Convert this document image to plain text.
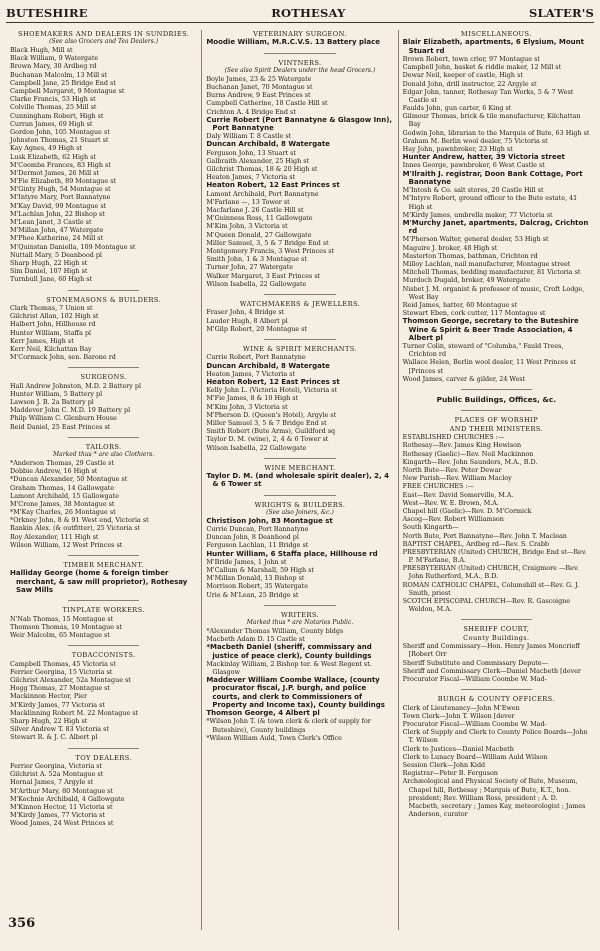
BUTESHIRE	ROTHESAY	SLATER'S
SHOEMAKERS AND DEALERS IN SUNDRIES.
(See also Grocers and Tea Dealers.)
Black Hugh, Mill st
Black William, 9 Watergate
Brown Mary, 30 Ardbeg rd
Buchanan Malcolm, 13 Mill st
Campbell Jane, 25 Bridge End st
Campbell Margaret, 9 Montague st
Clarke Francis, 53 High st
Colville Thomas, 25 Mill st
Cunningham Robert, High st
Curran James, 69 High st
Gordon John, 105 Montague st
Johnston Thomas, 21 Stuart st
Kay Agnes, 49 High st
Lusk Elizabeth, 62 High st
M'Coomba Frances, 83 High st
M'Dermot James, 26 Mill st
M'Fie Elizabeth, 89 Montague st
M'Ginty Hugh, 54 Montague st
M'Intyre Mary, Port Bannatyne
M'Kay David, 99 Montague st
M'Lachlan John, 22 Bishop st
M'Lean Janet, 3 Castle st
M'Millan John, 47 Watergate
M'Phee Katherine, 24 Mill st
M'Quinstan Daniella, 109 Montague st
Nuttall Mary, 5 Deanbood pl
Sharp Hugh, 22 High st
Sim Daniel, 107 High st
Turnbull Jane, 60 High st
STONEMASONS & BUILDERS.
Clark Thomas, 7 Union st
Gilchrist Allan, 102 High st
Halbert John, Hillhouse rd
Hunter William, Staffa pl
Kerr James, High st
Kerr Neil, Kilchattan Bay
M'Cormack John, sen. Barone rd
SURGEONS.
Hall Andrew Johnston, M.D. 2 Battery pl
Hunter William, 5 Battery pl
Lawson J. B. 2a Battery pl
Maddever John C. M.D. 19 Battery pl
Philp William C. Glenburn House
Reid Daniel, 25 East Princes st
TAILORS.
Marked thus * are also Clothiers.
*Anderson Thomas, 29 Castle st
Dobbie Andrew, 16 High st
*Duncan Alexander, 50 Montague st
Graham Thomas, 14 Gallowgate
Lamont Archibald, 15 Gallowgate
M'Crone James, 38 Montague st
*M'Kay Charles, 26 Montague st
*Orkney John, 8 & 91 West end, Victoria st
Rankin Alex. (& outfitter), 25 Victoria st
Roy Alexander, 111 High st
Wilson William, 12 West Princes st
TIMBER MERCHANT.
Halliday George (home & foreign timber merchant, & saw mill proprietor), Rothesay Saw Mills
TINPLATE WORKERS.
N'Nab Thomas, 15 Montague st
Thomson Thomas, 19 Montague st
Weir Malcolm, 65 Montague st
TOBACCONISTS.
Campbell Thomas, 45 Victoria st
Ferrier Georgina, 15 Victoria st
Gilchrist Alexander, 52a Montague st
Hogg Thomas, 27 Montague st
Mackinnon Hector, Pier
M'Kirdy James, 77 Victoria st
Macklinning Robert M. 22 Montague st
Sharp Hugh, 22 High st
Silver Andrew T. 83 Victoria st
Stewart R. & J. C. Albert pl
TOY DEALERS.
Ferrier Georgina, Victoria st
Gilchrist A. 52a Montague st
Hornal James, 7 Argyle st
M'Arthur Mary, 80 Montague st
M'Kechnie Archibald, 4 Gallowgate
M'Kinnon Hector, 11 Victoria st
M'Kirdy James, 77 Victoria st
Wood James, 24 West Princes st
VETERINARY SURGEON.
Moodie William, M.R.C.V.S. 13 Battery place
VINTNERS.
(See also Spirit Dealers under the head Grocers.)
Boyle James, 23 & 25 Watergate
Buchanan Janet, 70 Montague st
Burns Andrew, 9 East Princes st
Campbell Catherine, 18 Castle Hill st
Crichton A. 4 Bridge End st
Currie Robert (Port Bannatyne & Glasgow Inn), Port Bannatyne
Daly William T. 8 Castle st
Duncan Archibald, 8 Watergate
Ferguson John, 13 Stuart st
Galbraith Alexander, 25 High st
Gilchrist Thomas, 18 & 20 High st
Heaton James, 7 Victoria st
Heaton Robert, 12 East Princes st
Lamont Archibald, Port Bannatyne
M'Farlane —, 13 Tower st
Macfarlane J. 26 Castle Hill st
M'Guinness Ross, 11 Gallowgate
M'Kim John, 3 Victoria st
M'Queen Donald, 27 Gallowgate
Miller Samuel, 3, 5 & 7 Bridge End st
Montgomery Francis, 3 West Princes st
Smith John, 1 & 3 Montague st
Turner John, 27 Watergate
Walker Margaret, 3 East Princes st
Wilson Isabella, 22 Gallowgate
WATCHMAKERS & JEWELLERS.
Fraser John, 4 Bridge st
Lauder Hugh, 8 Albert pl
M'Gilp Robert, 20 Montague st
WINE & SPIRIT MERCHANTS.
Currie Robert, Port Bannatyne
Duncan Archibald, 8 Watergate
Heaton James, 7 Victoria st
Heaton Robert, 12 East Princes st
Kelly John L. (Victoria Hotel), Victoria st
M'Fie James, 8 & 10 High st
M'Kim John, 3 Victoria st
M'Pherson D. (Queen's Hotel), Argyle st
Miller Samuel 3, 5 & 7 Bridge End st
Smith Robert (Bute Arms), Guildford sq
Taylor D. M. (wine), 2, 4 & 6 Tower st
Wilson Isabella, 22 Gallowgate
WINE MERCHANT.
Taylor D. M. (and wholesale spirit dealer), 2, 4 & 6 Tower st
WRIGHTS & BUILDERS.
(See also Joiners, &c.)
Christison John, 83 Montague st
Currie Duncan, Port Bannatyne
Duncan John, 8 Deanhood pl
Ferguson Lachlan, 11 Bridge st
Hunter William, 6 Staffa place, Hillhouse rd
M'Bride James, 1 John st
M'Callum & Marshall, 59 High st
M'Millan Donald, 13 Bishop st
Morrison Robert, 35 Watergate
Urie & M'Lean, 25 Bridge st
WRITERS.
Marked thus * are Notaries Public.
*Alexander Thomas William, County bldgs
Macbeth Adam D. 15 Castle st
*Macbeth Daniel (sheriff, commissary and justice of peace clerk), County buildings
Mackinlay William, 2 Bishop ter. & West Regent st. Glasgow
Maddever William Coombe Wallace, (county procurator fiscal, J.P. burgh, and police courts, and clerk to Commissioners of Property and Income tax), County buildings
Thomson George, 4 Albert pl
*Wilson John T. (& town clerk & clerk of supply for Buteshire), County buildings
*Wilson William Auld, Town Clerk's Office
MISCELLANEOUS.
Blair Elizabeth, apartments, 6 Elysium, Mount Stuart rd
Brown Robert, town crier, 97 Montague st
Campbell John, basket & riddle maker, 12 Mill st
Dewar Neil, keeper of castle, High st
Donald John, drill instructor, 22 Argyle st
Edgar John, tanner, Rothesay Tan Works, 5 & 7 West Castle st
Faulds John, gun carter, 6 King st
Gilmour Thomas, brick & tile manufacturer, Kilchattan Bay
Godwin John, librarian to the Marquis of Bute, 63 High st
Graham M. Berlin wool dealer, 75 Victoria st
Hay John, pawnbroker, 23 High st
Hunter Andrew, hatter, 39 Victoria street
Innes George, pawnbroker, 6 West Castle st
M'Ilraith J. registrar, Doon Bank Cottage, Port Bannatyne
M'Intosh & Co. salt stores, 20 Castle Hill st
M'Intyre Robert, ground officer to the Bute estate, 41 High st
M'Kirdy James, umbrella maker, 77 Victoria st
M'Murchy Janet, apartments, Dalcrag, Crichton rd
M'Pherson Walter, general dealer, 53 High st
Maguire J. broker, 48 High st
Masterton Thomas, bathman, Crichton rd
Milloy Lachlan, nail manufacturer, Montague street
Mitchell Thomas, bedding manufacturer, 81 Victoria st
Murdoch Dugald, broker, 49 Watergate
Nisbet J. M. organist & professor of music, Croft Lodge, West Bay
Reid James, hatter, 60 Montague st
Stewart Eben, cork cutter, 117 Montague st
Thomson George, secretary to the Buteshire Wine & Spirit & Beer Trade Association, 4 Albert pl
Turner Colin, steward of "Columba," Fauld Trees, Crichton rd
Wallace Helen, Berlin wool dealer, 11 West Princes st [Princes st
Wood James, carver & gilder, 24 West
Public Buildings, Offices, &c.
PLACES OF WORSHIP
AND THEIR MINISTERS.
ESTABLISHED CHURCHES :—
Rothesay—Rev. James King Hewison
Rothesay (Gaelic)—Rev. Neil Mackinnon
Kingarth—Rev. John Saunders, M.A., B.D.
North Bute—Rev. Peter Dewar
New Parish—Rev. William Macloy
FREE CHURCHES :—
East—Rev. David Somerville, M.A.
West—Rev. W. E. Brown, M.A.
Chapel hill (Gaelic)—Rev. D. M'Cormick
Ascog—Rev. Robert Williamson
South Kingarth—
North Bute, Port Bannatyne—Rev. John T. Maclean
BAPTIST CHAPEL, Ardbeg rd—Rev. S. Crabb
PRESBYTERIAN (United) CHURCH, Bridge End st—Rev. P. M'Farlane, B.A.
PRESBYTERIAN (United) CHURCH, Craigmore —Rev. John Rutherford, M.A., B.D.
ROMAN CATHOLIC CHAPEL, Columshill st—Rev. G. J. Smith, priest
SCOTCH EPISCOPAL CHURCH—Rev. R. Gascoigne Weldon, M.A.
SHERIFF COURT,
County Buildings.
Sheriff and Commissary—Hon. Henry James Moncrieff [Robert Orr
Sheriff Substitute and Commissary Depute—
Sheriff and Commissary Clerk—Daniel Macbeth [dever
Procurator Fiscal—William Coombe W. Mad-
BURGH & COUNTY OFFICERS.
Clerk of Lieutenancy—John M'Ewen
Town Clerk—John T. Wilson [dever
Procurator Fiscal—William Coombe W. Mad-
Clerk of Supply and Clerk to County Police Boards—John T. Wilson
Clerk to Justices—Daniel Macbeth
Clerk to Lunacy Board—William Auld Wilson
Session Clerk—John Kidd
Registrar—Peter B. Ferguson
Archæological and Physical Society of Bute, Museum, Chapel hill, Rothesay ; Marquis of Bute, K.T., hon. president; Rev. William Ross, president ; A. D. Macbeth, secretary ; James Kay, meteorologist ; James Anderson, curator
356
